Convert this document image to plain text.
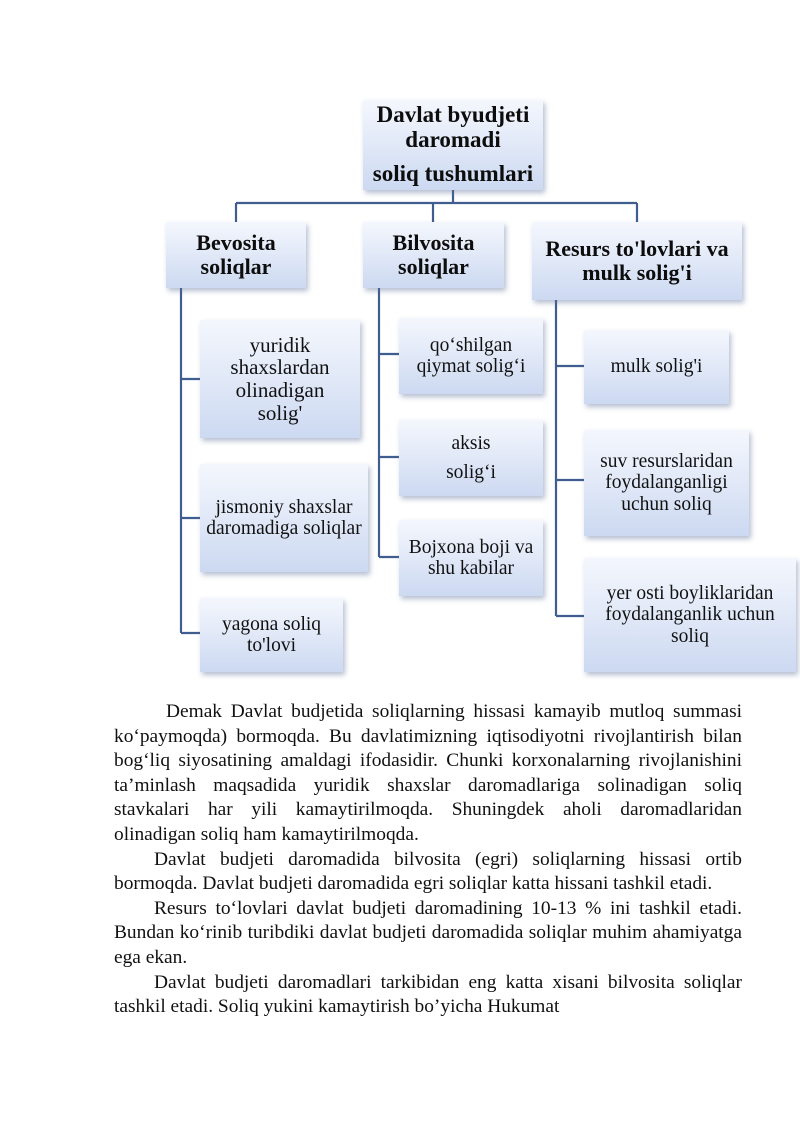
Davlat byudjeti
daromadi
soliq tushumlari
Bevosita soliqlar
Bilvosita soliqlar
Resurs to'lovlari va mulk solig'i
yuridik shaxslardan olinadigan solig'
jismoniy shaxslar daromadiga soliqlar
yagona soliq to'lovi
qo‘shilgan qiymat solig‘i
aksis
solig‘i
Bojxona boji va shu kabilar
mulk solig'i
suv resurslaridan foydalanganligi uchun soliq
yer osti boyliklaridan foydalanganlik uchun soliq

Demak Davlat budjetida soliqlarning hissasi kamayib mutloq summasi ko‘paymoqda) bormoqda. Bu davlatimizning iqtisodiyotni rivojlantirish bilan bog‘liq siyosatining amaldagi ifodasidir. Chunki korxonalarning rivojlanishini ta’minlash maqsadida yuridik shaxslar daromadlariga solinadigan soliq stavkalari har yili kamaytirilmoqda. Shuningdek aholi daromadlaridan olinadigan soliq ham kamaytirilmoqda.

Davlat budjeti daromadida bilvosita (egri) soliqlarning hissasi ortib bormoqda. Davlat budjeti daromadida egri soliqlar katta hissani tashkil etadi.

Resurs to‘lovlari davlat budjeti daromadining 10-13 % ini tashkil etadi. Bundan ko‘rinib turibdiki davlat budjeti daromadida soliqlar muhim ahamiyatga ega ekan.

Davlat budjeti daromadlari tarkibidan eng katta xisani bilvosita soliqlar tashkil etadi. Soliq yukini kamaytirish bo’yicha Hukumat
